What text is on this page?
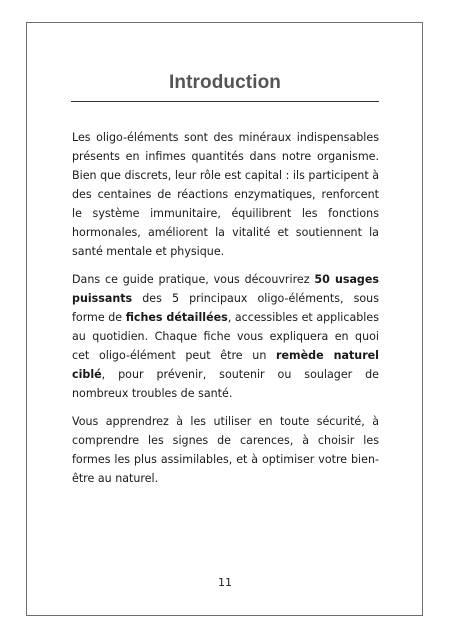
Introduction

Les oligo-éléments sont des minéraux indispensables présents en infimes quantités dans notre organisme. Bien que discrets, leur rôle est capital : ils participent à des centaines de réactions enzymatiques, renforcent le système immunitaire, équilibrent les fonctions hormonales, améliorent la vitalité et soutiennent la santé mentale et physique.

Dans ce guide pratique, vous découvrirez 50 usages puissants des 5 principaux oligo-éléments, sous forme de fiches détaillées, accessibles et applicables au quotidien. Chaque fiche vous expliquera en quoi cet oligo-élément peut être un remède naturel ciblé, pour prévenir, soutenir ou soulager de nombreux troubles de santé.

Vous apprendrez à les utiliser en toute sécurité, à comprendre les signes de carences, à choisir les formes les plus assimilables, et à optimiser votre bien-être au naturel.

11
